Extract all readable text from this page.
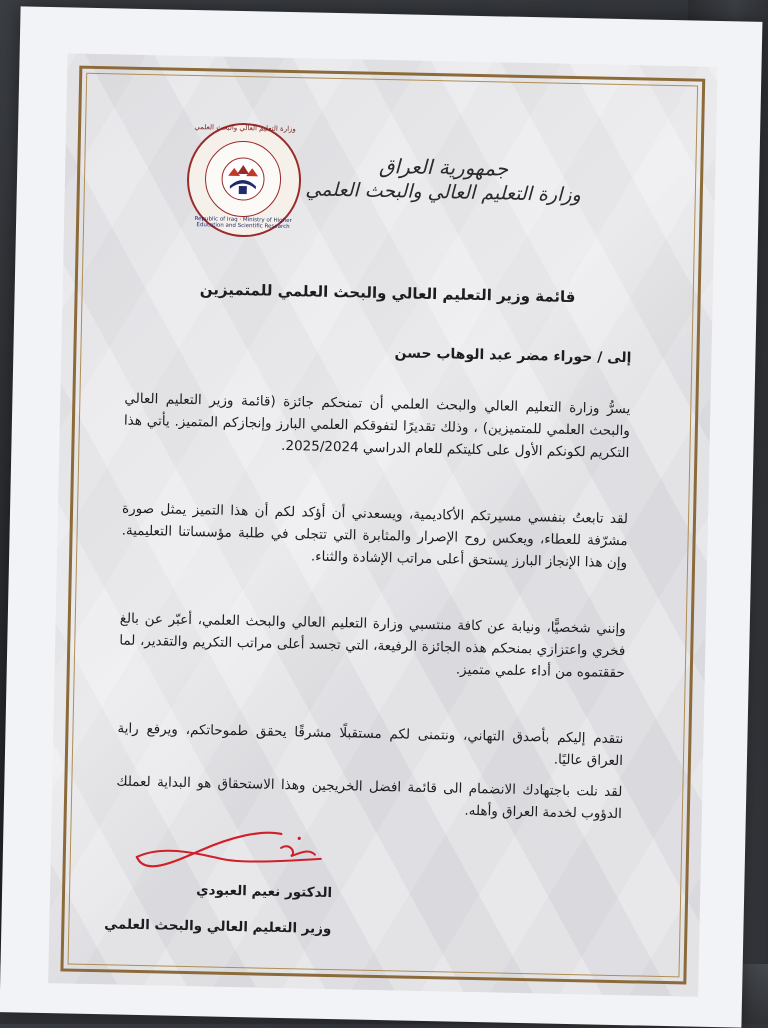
وزارة التعليم العالي والبحث العلمي
Republic of Iraq · Ministry of Higher Education and Scientific Research
جمهورية العراق
وزارة التعليم العالي والبحث العلمي
قائمة وزير التعليم العالي والبحث العلمي للمتميزين
إلى / حوراء مضر عبد الوهاب حسن
يسرُّ وزارة التعليم العالي والبحث العلمي أن تمنحكم جائزة (قائمة وزير التعليم العالي والبحث العلمي للمتميزين) ، وذلك تقديرًا لتفوقكم العلمي البارز وإنجازكم المتميز. يأتي هذا التكريم لكونكم الأول على كليتكم للعام الدراسي 2025/2024.
لقد تابعتُ بنفسي مسيرتكم الأكاديمية، ويسعدني أن أؤكد لكم أن هذا التميز يمثل صورة مشرّفة للعطاء، ويعكس روح الإصرار والمثابرة التي تتجلى في طلبة مؤسساتنا التعليمية. وإن هذا الإنجاز البارز يستحق أعلى مراتب الإشادة والثناء.
وإنني شخصيًّا، ونيابة عن كافة منتسبي وزارة التعليم العالي والبحث العلمي، أعبّر عن بالغ فخري واعتزازي بمنحكم هذه الجائزة الرفيعة، التي تجسد أعلى مراتب التكريم والتقدير، لما حققتموه من أداء علمي متميز.
نتقدم إليكم بأصدق التهاني، ونتمنى لكم مستقبلًا مشرقًا يحقق طموحاتكم، ويرفع راية العراق عاليًا.
لقد نلت باجتهادك الانضمام الى قائمة افضل الخريجين وهذا الاستحقاق هو البداية لعملك الدؤوب لخدمة العراق وأهله.
الدكتور نعيم العبودي
وزير التعليم العالي والبحث العلمي
